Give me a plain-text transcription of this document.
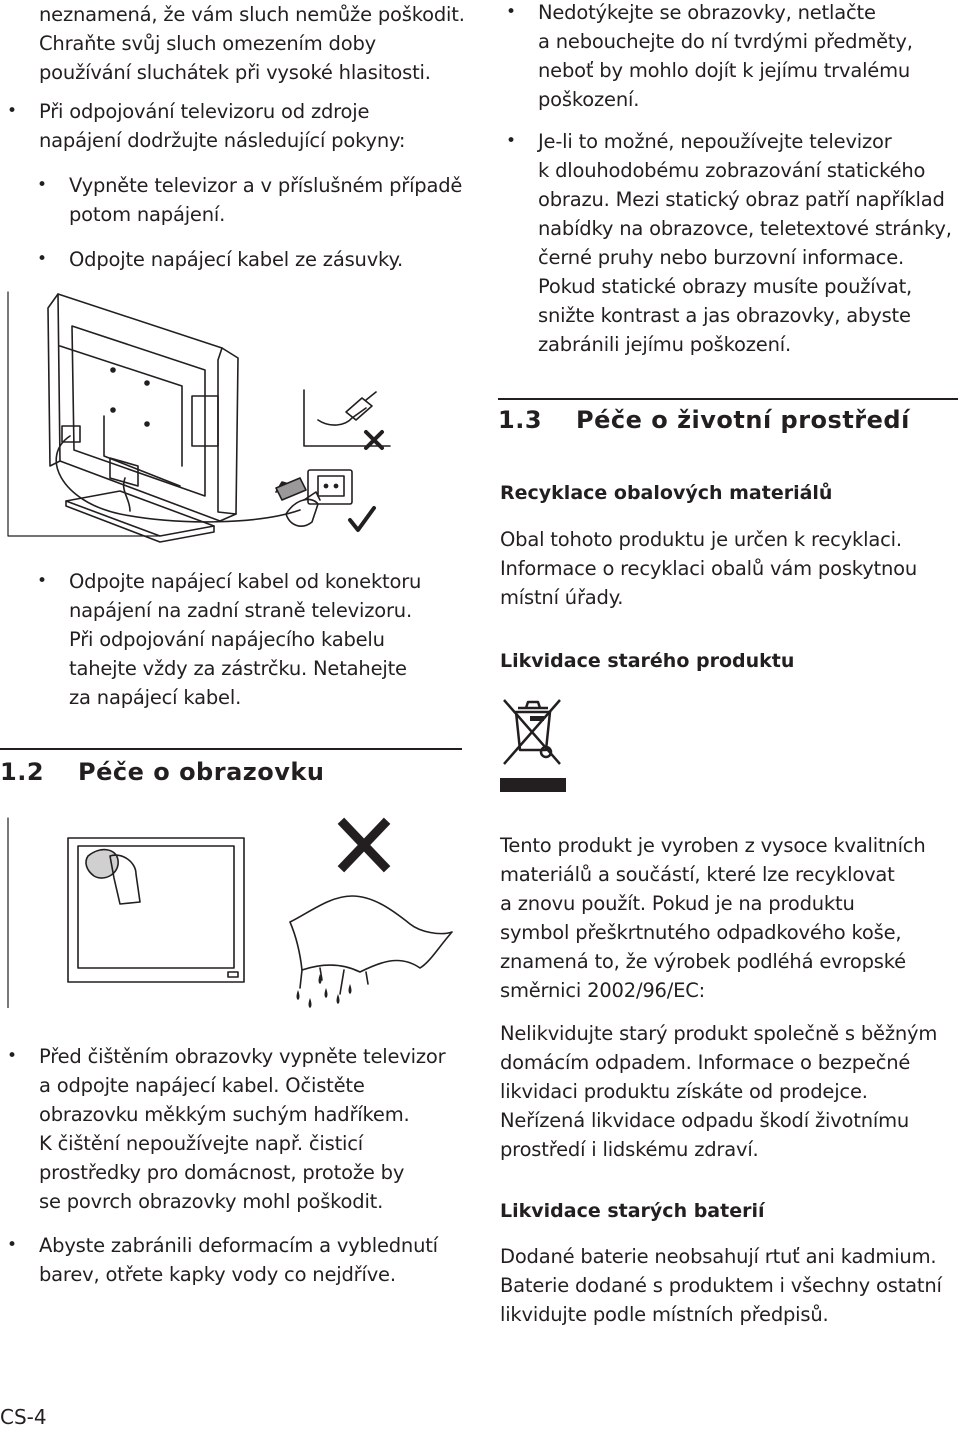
neznamená, že vám sluch nemůže poškodit.

Chraňte svůj sluch omezením doby

používání sluchátek při vysoké hlasitosti.

• Při odpojování televizoru od zdroje

napájení dodržujte následující pokyny:

• Vypněte televizor a v příslušném případě

potom napájení.

• Odpojte napájecí kabel ze zásuvky.

• Odpojte napájecí kabel od konektoru

napájení na zadní straně televizoru.

Při odpojování napájecího kabelu

tahejte vždy za zástrčku. Netahejte

za napájecí kabel.

1.2 Péče o obrazovku

• Před čištěním obrazovky vypněte televizor

a odpojte napájecí kabel. Očistěte

obrazovku měkkým suchým hadříkem.

K čištění nepoužívejte např. čisticí

prostředky pro domácnost, protože by

se povrch obrazovky mohl poškodit.

• Abyste zabránili deformacím a vyblednutí

barev, otřete kapky vody co nejdříve.

• Nedotýkejte se obrazovky, netlačte

a nebouchejte do ní tvrdými předměty,

neboť by mohlo dojít k jejímu trvalému

poškození.

• Je-li to možné, nepoužívejte televizor

k dlouhodobému zobrazování statického

obrazu. Mezi statický obraz patří například

nabídky na obrazovce, teletextové stránky,

černé pruhy nebo burzovní informace.

Pokud statické obrazy musíte používat,

snižte kontrast a jas obrazovky, abyste

zabránili jejímu poškození.

1.3 Péče o životní prostředí
Recyklace obalových materiálů

Obal tohoto produktu je určen k recyklaci.

Informace o recyklaci obalů vám poskytnou

místní úřady.

Likvidace starého produktu

Tento produkt je vyroben z vysoce kvalitních

materiálů a součástí, které lze recyklovat

a znovu použít. Pokud je na produktu

symbol přeškrtnutého odpadkového koše,

znamená to, že výrobek podléhá evropské

směrnici 2002/96/EC:

Nelikvidujte starý produkt společně s běžným

domácím odpadem. Informace o bezpečné

likvidaci produktu získáte od prodejce.

Neřízená likvidace odpadu škodí životnímu

prostředí i lidskému zdraví.

Likvidace starých baterií

Dodané baterie neobsahují rtuť ani kadmium.

Baterie dodané s produktem i všechny ostatní

likvidujte podle místních předpisů.

CS-4
